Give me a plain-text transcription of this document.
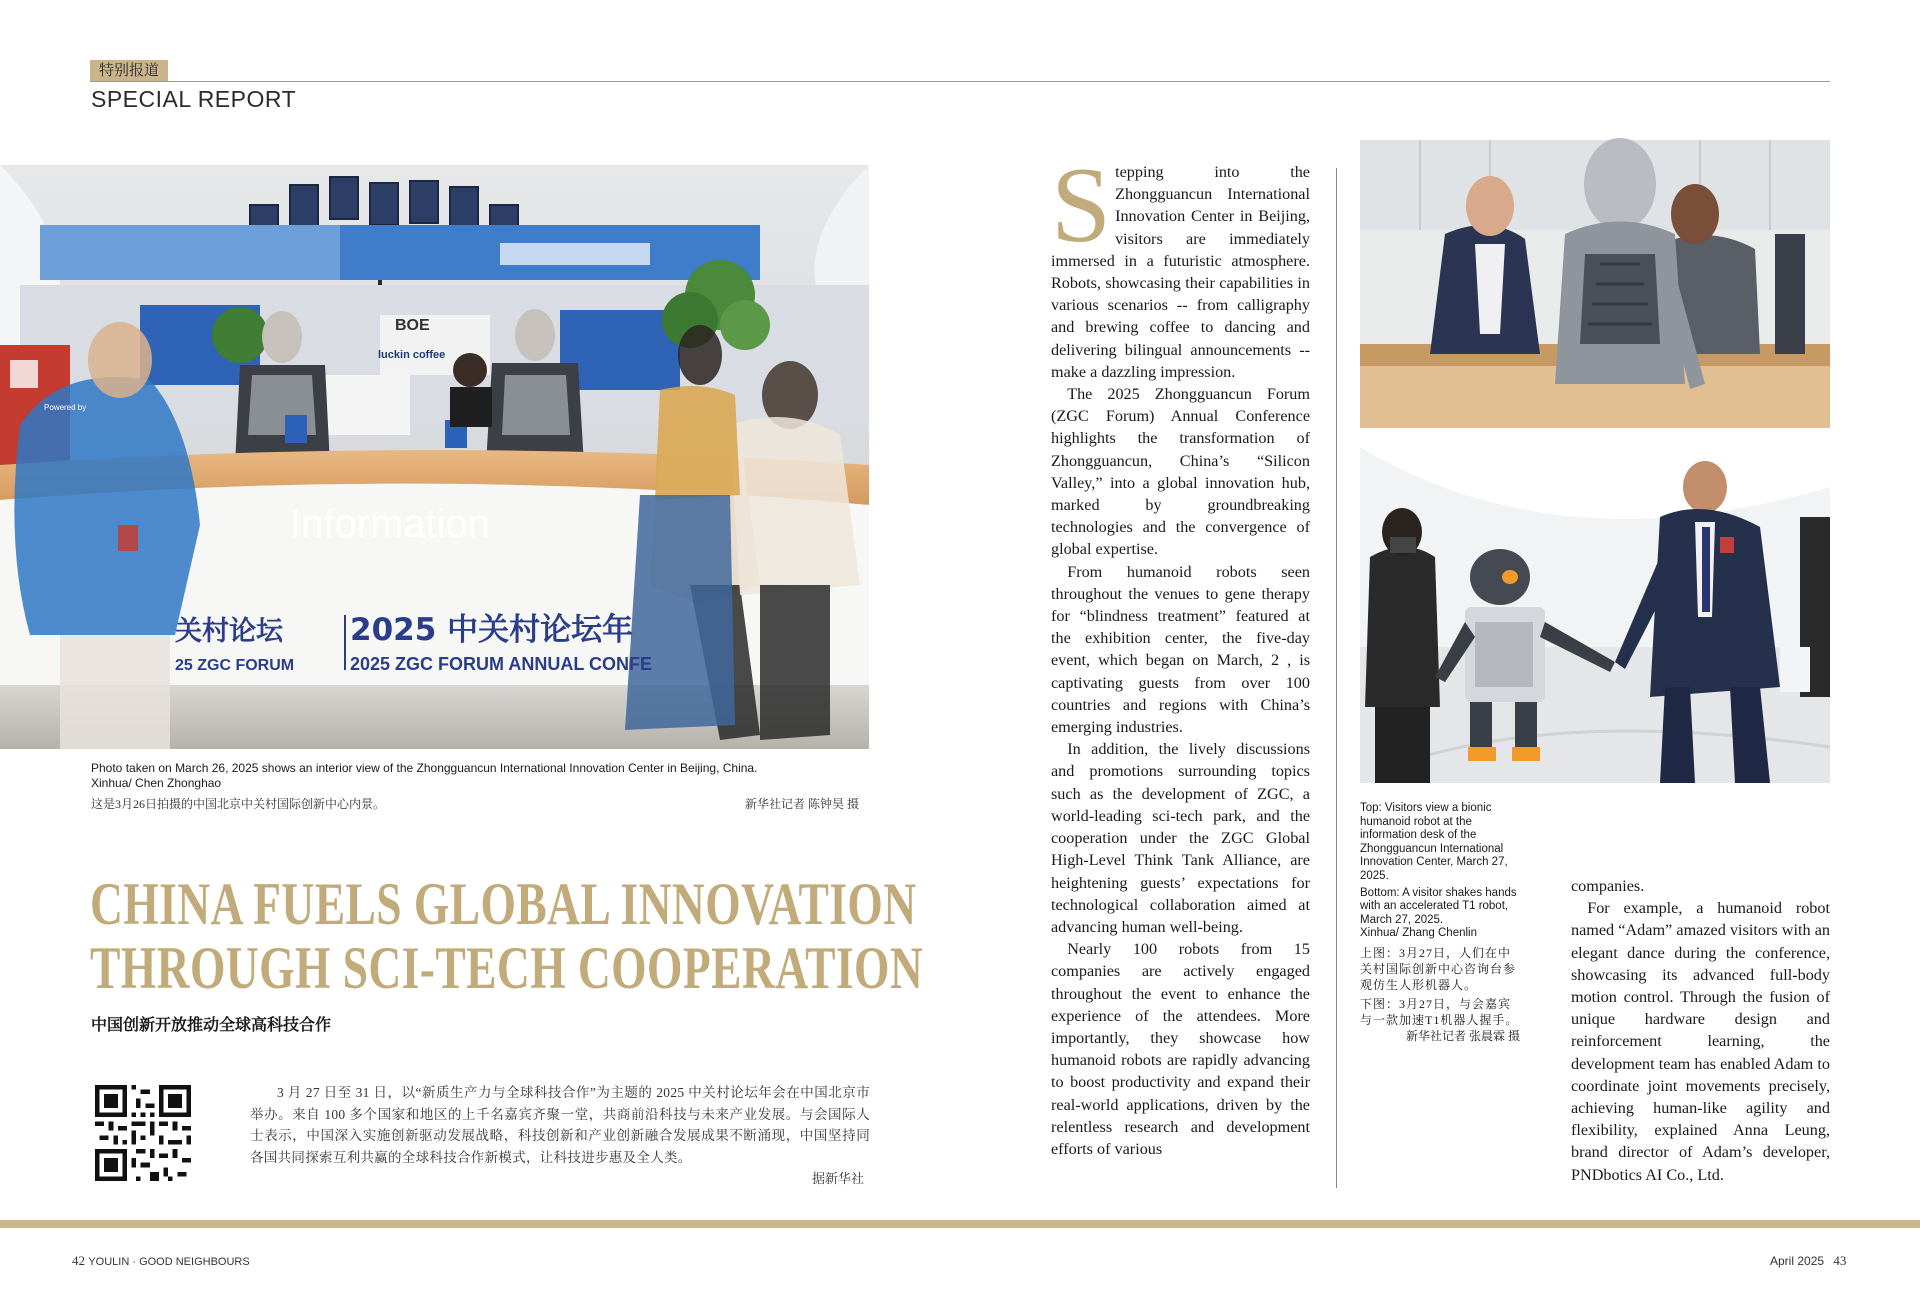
特别报道
SPECIAL REPORT
Information
2025 中关村论坛年
2025 ZGC FORUM ANNUAL CONFE
关村论坛
25 ZGC FORUM
luckin coffee
BOE
Powered by
Photo taken on March 26, 2025 shows an interior view of the Zhongguancun International Innovation Center in Beijing, China.
Xinhua/ Chen Zhonghao
这是3月26日拍摄的中国北京中关村国际创新中心内景。	新华社记者 陈钟昊 摄
CHINA FUELS GLOBAL INNOVATION
THROUGH SCI-TECH COOPERATION
中国创新开放推动全球高科技合作
3 月 27 日至 31 日，以“新质生产力与全球科技合作”为主题的 2025 中关村论坛年会在中国北京市举办。来自 100 多个国家和地区的上千名嘉宾齐聚一堂，共商前沿科技与未来产业发展。与会国际人士表示，中国深入实施创新驱动发展战略，科技创新和产业创新融合发展成果不断涌现，中国坚持同各国共同探索互利共赢的全球科技合作新模式，让科技进步惠及全人类。
据新华社

Stepping into the Zhongguancun International Innovation Center in Beijing, visitors are immediately immersed in a futuristic atmosphere. Robots, showcasing their capabilities in various scenarios -- from calligraphy and brewing coffee to dancing and delivering bilingual announcements -- make a dazzling impression.

The 2025 Zhongguancun Forum (ZGC Forum) Annual Conference highlights the transformation of Zhongguancun, China’s “Silicon Valley,” into a global innovation hub, marked by groundbreaking technologies and the convergence of global expertise.

From humanoid robots seen throughout the venues to gene therapy for “blindness treatment” featured at the exhibition center, the five-day event, which began on March, 2 , is captivating guests from over 100 countries and regions with China’s emerging industries.

In addition, the lively discussions and promotions surrounding topics such as the development of ZGC, a world-leading sci-tech park, and the cooperation under the ZGC Global High-Level Think Tank Alliance, are heightening guests’ expectations for technological collaboration aimed at advancing human well-being.

Nearly 100 robots from 15 companies are actively engaged throughout the event to enhance the experience of the attendees. More importantly, they showcase how humanoid robots are rapidly advancing to boost productivity and expand their real-world applications, driven by the relentless research and development efforts of various

Top: Visitors view a bionic humanoid robot at the information desk of the Zhongguancun International Innovation Center, March 27, 2025.
Bottom: A visitor shakes hands with an accelerated T1 robot, March 27, 2025.
Xinhua/ Zhang Chenlin
上图：3月27日，人们在中关村国际创新中心咨询台参观仿生人形机器人。
下图：3月27日，与会嘉宾与一款加速T1机器人握手。
新华社记者 张晨霖 摄

companies.

For example, a humanoid robot named “Adam” amazed visitors with an elegant dance during the conference, showcasing its advanced full-body motion control. Through the fusion of unique hardware design and reinforcement learning, the development team has enabled Adam to coordinate joint movements precisely, achieving human-like agility and flexibility, explained Anna Leung, brand director of Adam’s developer, PNDbotics AI Co., Ltd.

42 YOULIN · GOOD NEIGHBOURS	April 2025 43
